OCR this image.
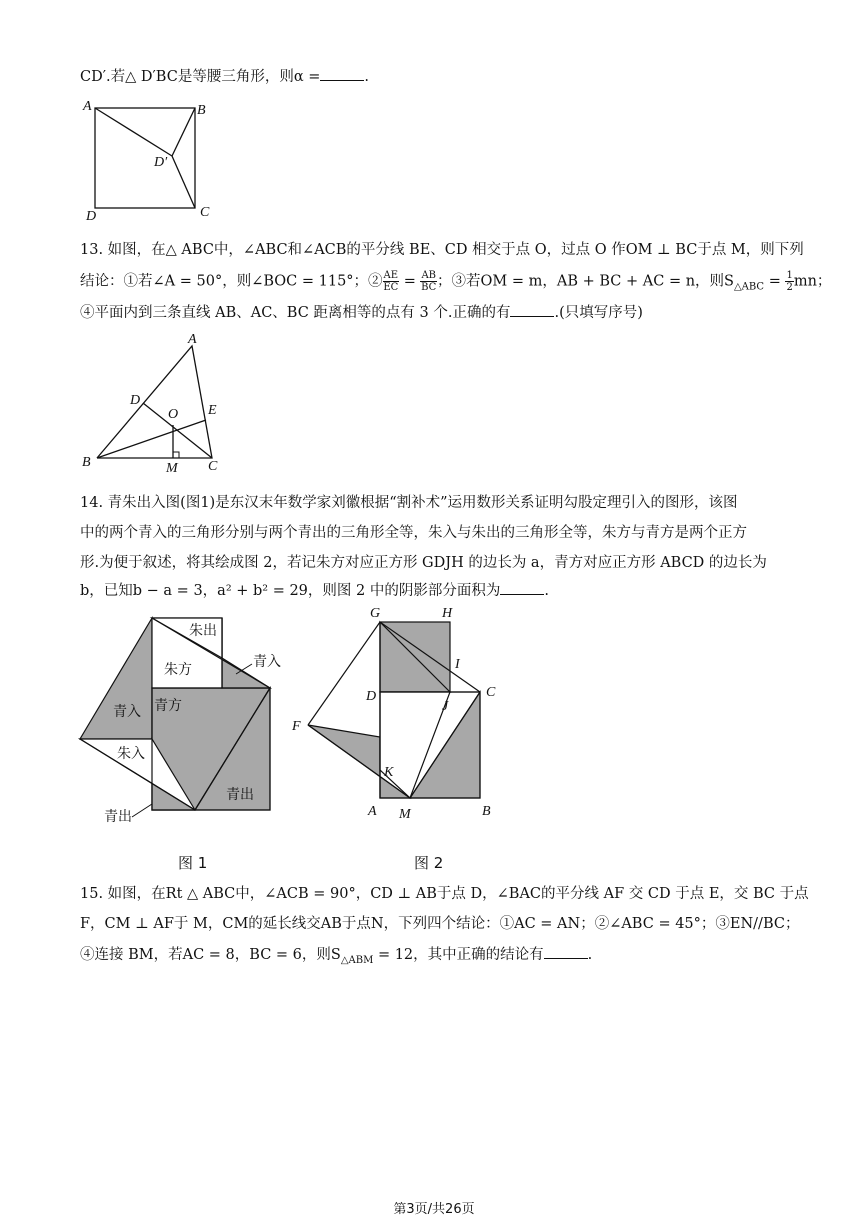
CD′.若△ D′BC是等腰三角形，则α =	.
A	B
C
D
D′
13. 如图，在△ ABC中，∠ABC和∠ACB的平分线 BE、CD 相交于点 O，过点 O 作OM ⊥ BC于点 M，则下列
结论：①若∠A = 50°，则∠BOC = 115°；② $\frac{AE}{EC} = \frac{AB}{BC}$ ；③若OM = m，AB + BC + AC = n，则$S_{\triangle ABC} = \frac{1}{2}$ mn；
④平面内到三条直线 AB、AC、BC 距离相等的点有 3 个.正确的有	.(只填写序号)
A
B	C
D
E
O
M
14. 青朱出入图(图1)是东汉末年数学家刘徽根据“割补术”运用数形关系证明勾股定理引入的图形，该图
中的两个青入的三角形分别与两个青出的三角形全等，朱入与朱出的三角形全等，朱方与青方是两个正方
形.为便于叙述，将其绘成图 2，若记朱方对应正方形 GDJH 的边长为 a，青方对应正方形 ABCD 的边长为
b，已知b − a = 3，a² + b² = 29，则图 2 中的阴影部分面积为	.
朱出
朱方	青入
青入 青方
朱入
青出
青出
图 1
G	H
I
C
D
J
F
K
A M	B
图 2
15. 如图，在Rt △ ABC中，∠ACB = 90°，CD ⊥ AB于点 D，∠BAC的平分线 AF 交 CD 于点 E，交 BC 于点
F，CM ⊥ AF于 M，CM的延长线交AB于点N，下列四个结论：①AC = AN；②∠ABC = 45°；③EN//BC；
④连接 BM，若AC = 8，BC = 6，则$S_{\triangle ABM} = 12$，其中正确的结论有	.
第3页/共26页
